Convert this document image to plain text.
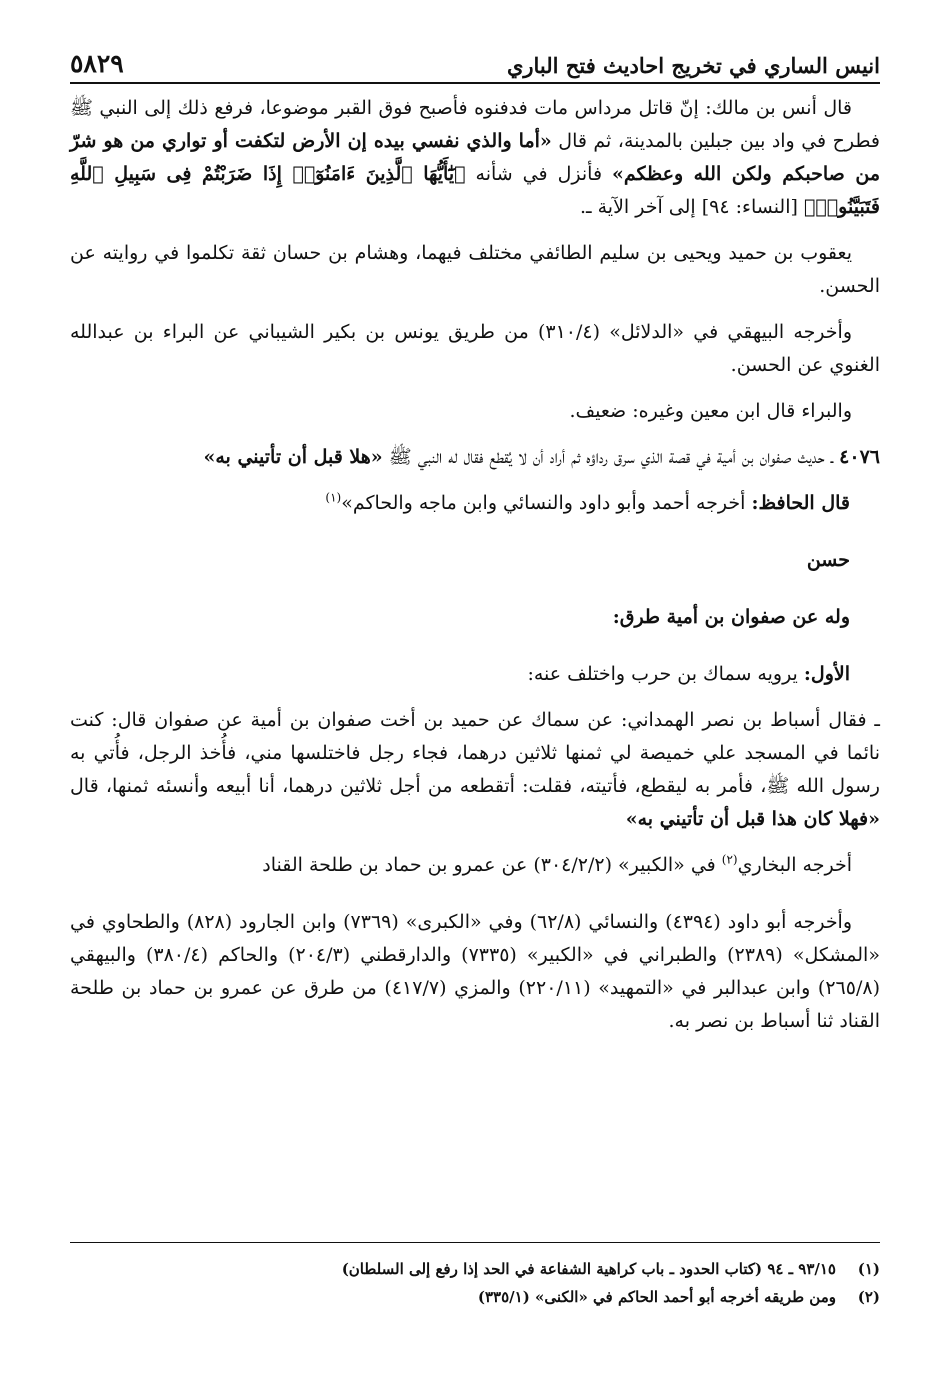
انيس الساري في تخريج احاديث فتح الباري
٥٨٢٩

قال أنس بن مالك: إنّ قاتل مرداس مات فدفنوه فأصبح فوق القبر موضوعا، فرفع ذلك إلى النبي ﷺ فطرح في واد بين جبلين بالمدينة، ثم قال «أما والذي نفسي بيده إن الأرض لتكفت أو تواري من هو شرّ من صاحبكم ولكن الله وعظكم» فأنزل في شأنه ﴿يَٰٓأَيُّهَا ٱلَّذِينَ ءَامَنُوٓا۟ إِذَا ضَرَبْتُمْ فِى سَبِيلِ ٱللَّهِ فَتَبَيَّنُوا۟﴾ [النساء: ٩٤] إلى آخر الآية ـ.

يعقوب بن حميد ويحيى بن سليم الطائفي مختلف فيهما، وهشام بن حسان ثقة تكلموا في روايته عن الحسن.

وأخرجه البيهقي في «الدلائل» (٣١٠/٤) من طريق يونس بن بكير الشيباني عن البراء بن عبدالله الغنوي عن الحسن.

والبراء قال ابن معين وغيره: ضعيف.

٤٠٧٦ ـ حديث صفوان بن أمية في قصة الذي سرق رداؤه ثم أراد أن لا يُقطع فقال له النبي ﷺ «هلا قبل أن تأتيني به»

قال الحافظ: أخرجه أحمد وأبو داود والنسائي وابن ماجه والحاكم»$^{(١)}$

حسن

وله عن صفوان بن أمية طرق:

الأول: يرويه سماك بن حرب واختلف عنه:

ـ فقال أسباط بن نصر الهمداني: عن سماك عن حميد بن أخت صفوان بن أمية عن صفوان قال: كنت نائما في المسجد علي خميصة لي ثمنها ثلاثين درهما، فجاء رجل فاختلسها مني، فأُخذ الرجل، فأُتي به رسول الله ﷺ، فأمر به ليقطع، فأتيته، فقلت: أتقطعه من أجل ثلاثين درهما، أنا أبيعه وأنسئه ثمنها، قال «فهلا كان هذا قبل أن تأتيني به»

أخرجه البخاري$^{(٢)}$ في «الكبير» (٣٠٤/٢/٢) عن عمرو بن حماد بن طلحة القناد

وأخرجه أبو داود (٤٣٩٤) والنسائي (٦٢/٨) وفي «الكبرى» (٧٣٦٩) وابن الجارود (٨٢٨) والطحاوي في «المشكل» (٢٣٨٩) والطبراني في «الكبير» (٧٣٣٥) والدارقطني (٢٠٤/٣) والحاكم (٣٨٠/٤) والبيهقي (٢٦٥/٨) وابن عبدالبر في «التمهيد» (٢٢٠/١١) والمزي (٤١٧/٧) من طرق عن عمرو بن حماد بن طلحة القناد ثنا أسباط بن نصر به.

(١)
٩٣/١٥ ـ ٩٤ (كتاب الحدود ـ باب كراهية الشفاعة في الحد إذا رفع إلى السلطان)
(٢)
ومن طريقه أخرجه أبو أحمد الحاكم في «الكنى» (٣٣٥/١)
